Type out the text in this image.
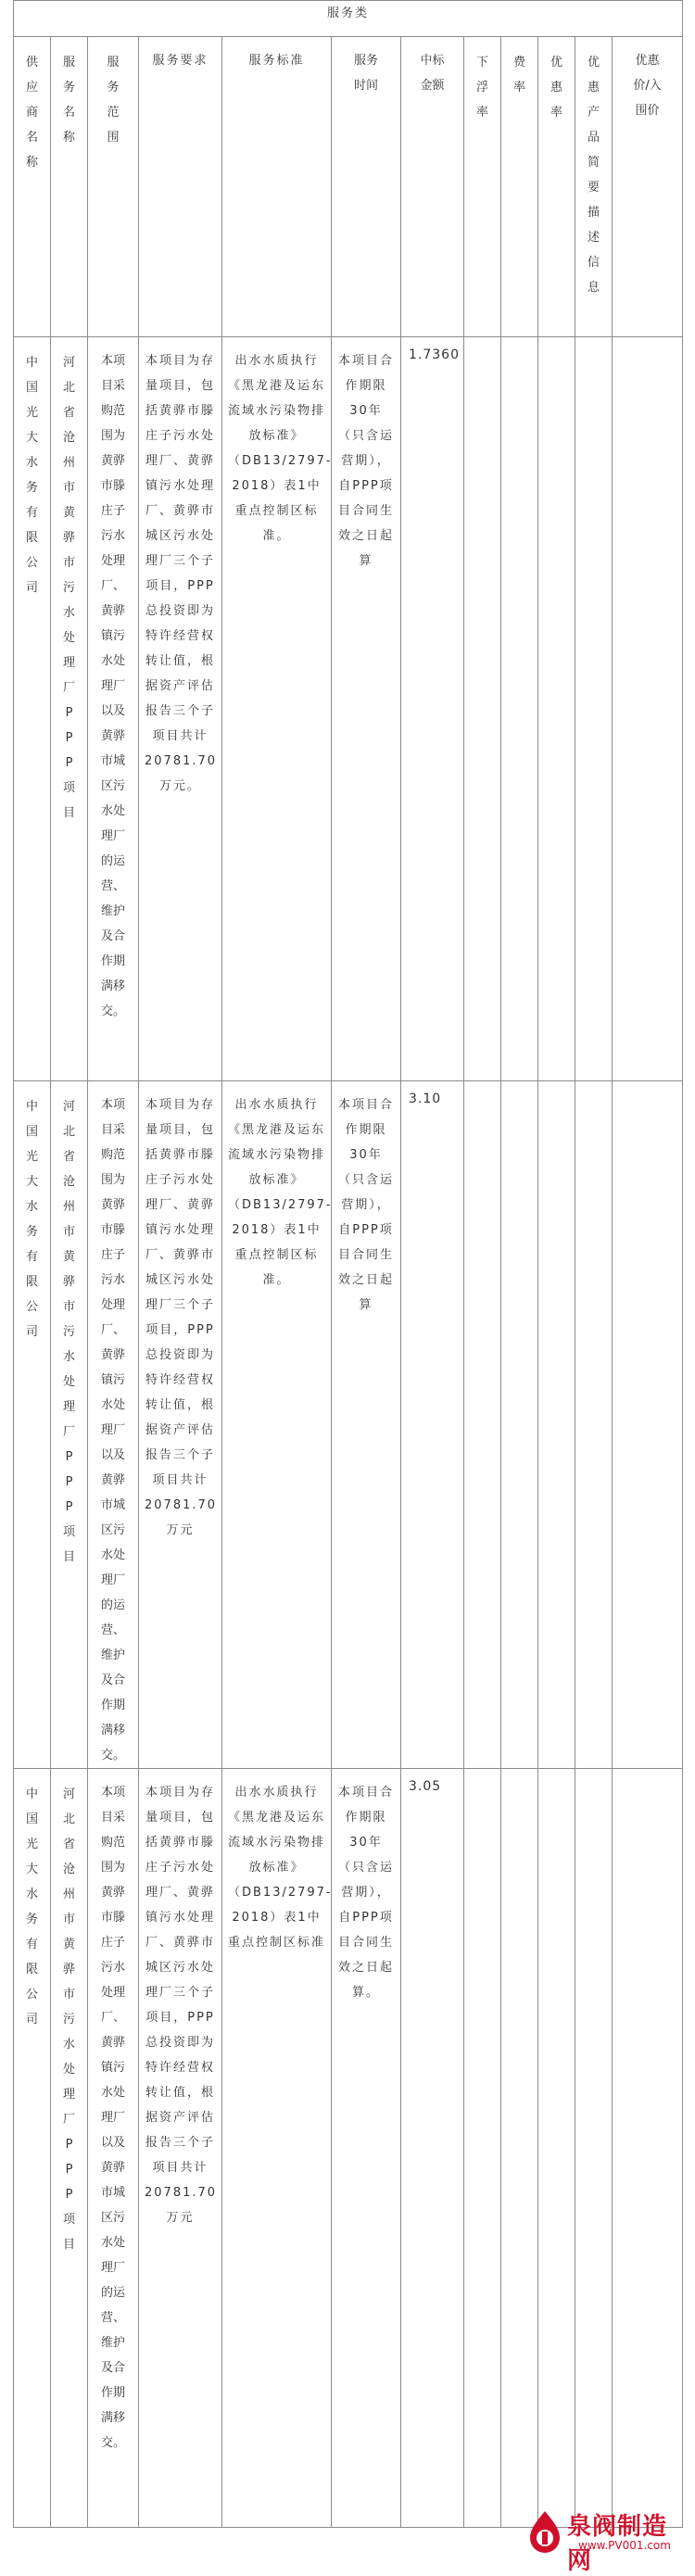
服务类											

供应商名称	服务名称	服务范围	服务要求	服务标准	服务时间	中标金额	下浮率	费率	优惠率	优惠产品简要描述信息	优惠价/入围价

中国光大水务有限公司	河北省沧州市黄骅市污水处理厂PPP项目	本项目采购范围为黄骅市滕庄子污水处理厂、黄骅镇污水处理厂以及黄骅市城区污水处理厂的运营、维护及合作期满移交。	本项目为存量项目，包括黄骅市滕庄子污水处理厂、黄骅镇污水处理厂、黄骅市城区污水处理厂三个子项目，PPP总投资即为特许经营权转让值，根据资产评估报告三个子项目共计20781.70万元。	出水水质执行《黑龙港及运东流域水污染物排放标准》（DB13/2797-2018）表1中重点控制区标准。	本项目合作期限30年（只含运营期），自PPP项目合同生效之日起算	1.7360					

中国光大水务有限公司	河北省沧州市黄骅市污水处理厂PPP项目	本项目采购范围为黄骅市滕庄子污水处理厂、黄骅镇污水处理厂以及黄骅市城区污水处理厂的运营、维护及合作期满移交。	本项目为存量项目，包括黄骅市滕庄子污水处理厂、黄骅镇污水处理厂、黄骅市城区污水处理厂三个子项目，PPP总投资即为特许经营权转让值，根据资产评估报告三个子项目共计20781.70万元	出水水质执行《黑龙港及运东流域水污染物排放标准》（DB13/2797-2018）表1中重点控制区标准。	本项目合作期限30年（只含运营期），自PPP项目合同生效之日起算	3.10					

中国光大水务有限公司	河北省沧州市黄骅市污水处理厂PPP项目	本项目采购范围为黄骅市滕庄子污水处理厂、黄骅镇污水处理厂以及黄骅市城区污水处理厂的运营、维护及合作期满移交。	本项目为存量项目，包括黄骅市滕庄子污水处理厂、黄骅镇污水处理厂、黄骅市城区污水处理厂三个子项目，PPP总投资即为特许经营权转让值，根据资产评估报告三个子项目共计20781.70万元	出水水质执行《黑龙港及运东流域水污染物排放标准》（DB13/2797-2018）表1中重点控制区标准	本项目合作期限30年（只含运营期），自PPP项目合同生效之日起算。	3.05					

泉阀制造网
www.PV001.com
